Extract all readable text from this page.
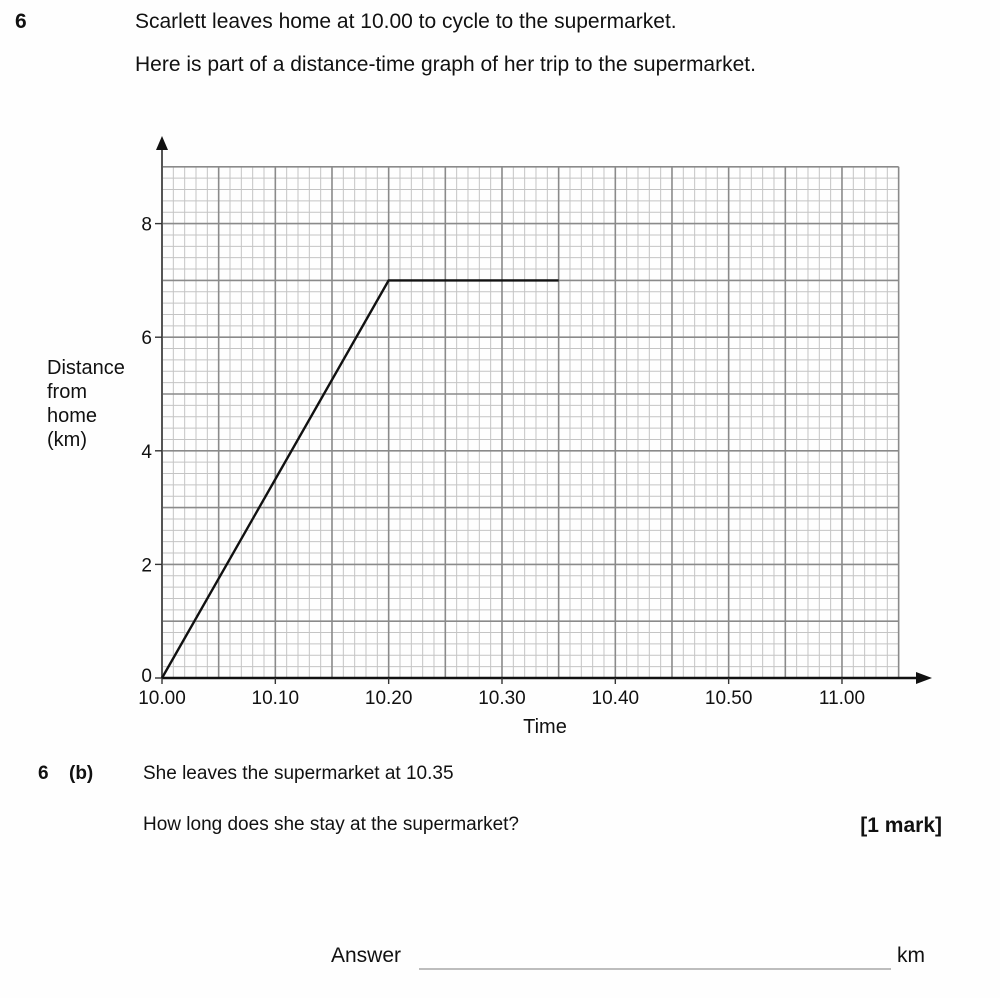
6	Scarlett leaves home at 10.00 to cycle to the supermarket.
Here is part of a distance-time graph of her trip to the supermarket.
0
2
4
6
8
10.00	10.10	10.20	10.30	10.40	10.50	11.00
Time
Distance
from
home
(km)
6 (b)	She leaves the supermarket at 10.35
How long does she stay at the supermarket?	[1 mark]
Answer	km
